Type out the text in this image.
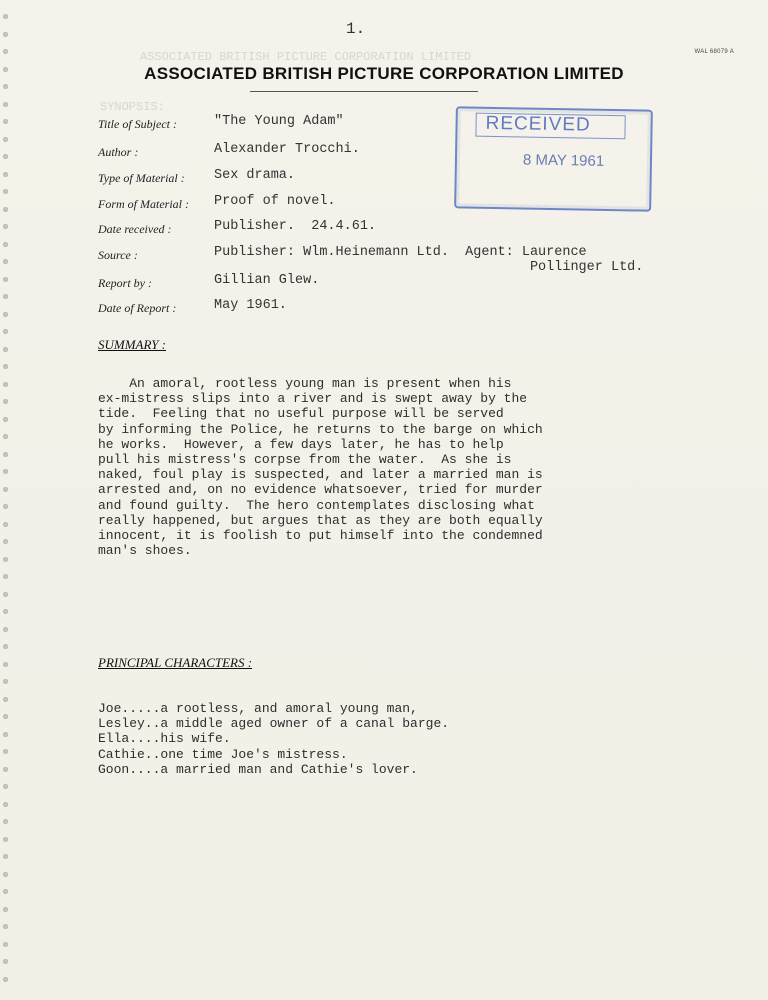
ASSOCIATED BRITISH PICTURE CORPORATION LIMITED
SYNOPSIS:
1.
WAL 68079 A
ASSOCIATED BRITISH PICTURE CORPORATION LIMITED
Title of Subject :	"The Young Adam"
Author :	Alexander Trocchi.
Type of Material : Sex drama.
Form of Material : Proof of novel.
Date received :	Publisher.  24.4.61.
Source :	Publisher: Wlm.Heinemann Ltd.  Agent: Laurence
Pollinger Ltd.
Report by :	Gillian Glew.
Date of Report :	May 1961.
RECEIVED
8 MAY 1961
SUMMARY :
An amoral, rootless young man is present when his
ex-mistress slips into a river and is swept away by the
tide.  Feeling that no useful purpose will be served
by informing the Police, he returns to the barge on which
he works.  However, a few days later, he has to help
pull his mistress's corpse from the water.  As she is
naked, foul play is suspected, and later a married man is
arrested and, on no evidence whatsoever, tried for murder
and found guilty.  The hero contemplates disclosing what
really happened, but argues that as they are both equally
innocent, it is foolish to put himself into the condemned
man's shoes.
PRINCIPAL CHARACTERS :
Joe.....a rootless, and amoral young man,
Lesley..a middle aged owner of a canal barge.
Ella....his wife.
Cathie..one time Joe's mistress.
Goon....a married man and Cathie's lover.
